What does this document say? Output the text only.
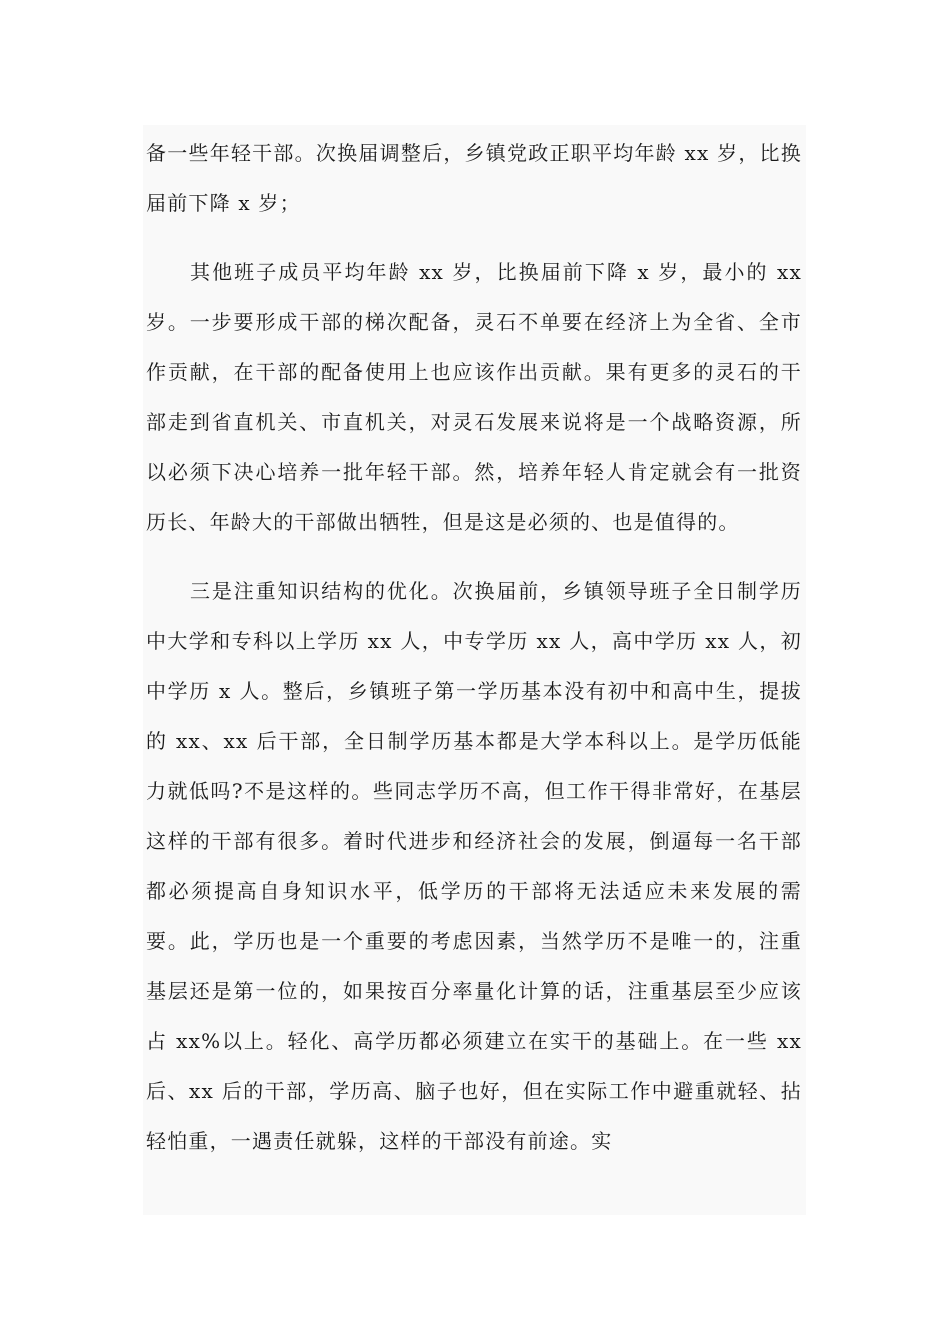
备一些年轻干部。次换届调整后，乡镇党政正职平均年龄 xx 岁，比换届前下降 x 岁；

其他班子成员平均年龄 xx 岁，比换届前下降 x 岁，最小的 xx 岁。一步要形成干部的梯次配备，灵石不单要在经济上为全省、全市作贡献，在干部的配备使用上也应该作出贡献。果有更多的灵石的干部走到省直机关、市直机关，对灵石发展来说将是一个战略资源，所以必须下决心培养一批年轻干部。然，培养年轻人肯定就会有一批资历长、年龄大的干部做出牺牲，但是这是必须的、也是值得的。

三是注重知识结构的优化。次换届前，乡镇领导班子全日制学历中大学和专科以上学历 xx 人，中专学历 xx 人，高中学历 xx 人，初中学历 x 人。整后，乡镇班子第一学历基本没有初中和高中生，提拔的 xx、xx 后干部，全日制学历基本都是大学本科以上。是学历低能力就低吗?不是这样的。些同志学历不高，但工作干得非常好，在基层这样的干部有很多。着时代进步和经济社会的发展，倒逼每一名干部都必须提高自身知识水平，低学历的干部将无法适应未来发展的需要。此，学历也是一个重要的考虑因素，当然学历不是唯一的，注重基层还是第一位的，如果按百分率量化计算的话，注重基层至少应该占 xx%以上。轻化、高学历都必须建立在实干的基础上。在一些 xx 后、xx 后的干部，学历高、脑子也好，但在实际工作中避重就轻、拈轻怕重，一遇责任就躲，这样的干部没有前途。实
